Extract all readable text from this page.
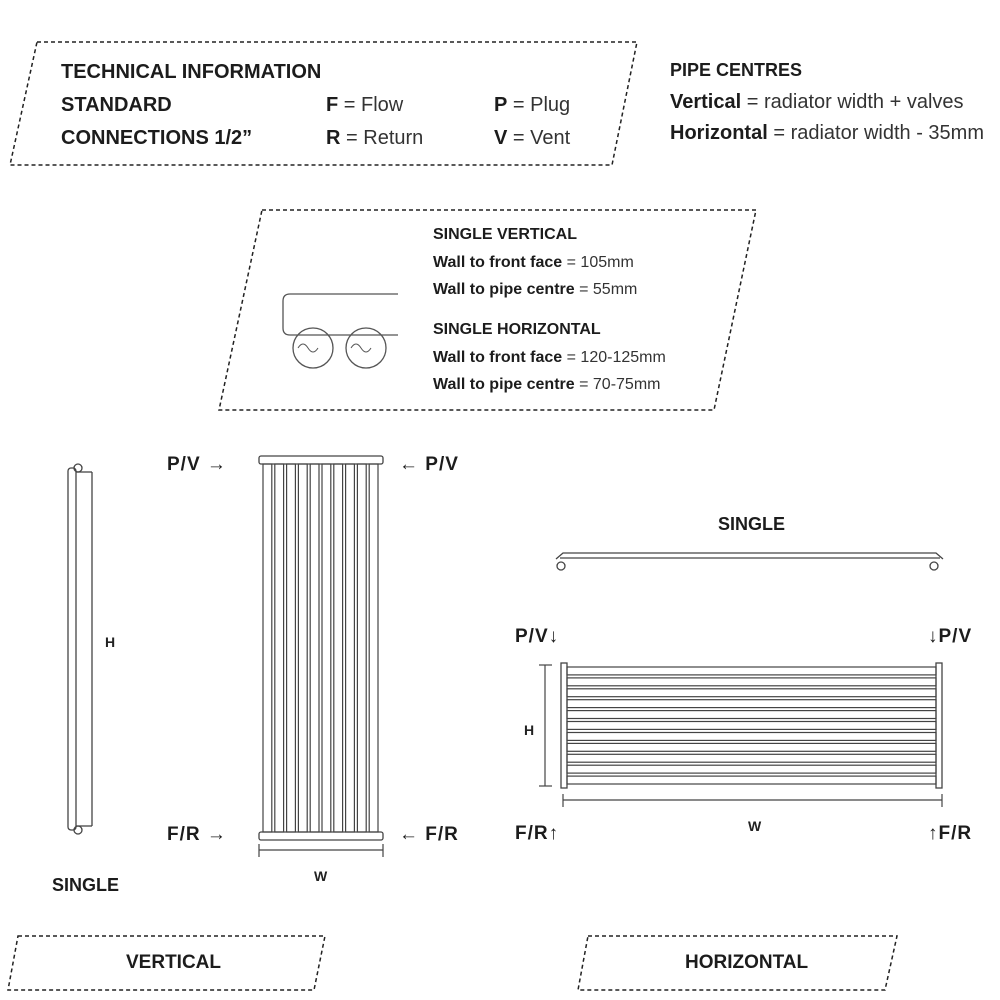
TECHNICAL INFORMATION
STANDARD
CONNECTIONS 1/2”
F = Flow
R = Return
P = Plug
V = Vent
PIPE CENTRES
Vertical = radiator width + valves
Horizontal = radiator width - 35mm
SINGLE VERTICAL
Wall to front face = 105mm
Wall to pipe centre = 55mm
SINGLE HORIZONTAL
Wall to front face = 120-125mm
Wall to pipe centre = 70-75mm
H
SINGLE
P/V →	← P/V
F/R →	← F/R
W
VERTICAL
SINGLE
P/V↓	↓P/V
F/R↑	↑F/R
H
W
HORIZONTAL
